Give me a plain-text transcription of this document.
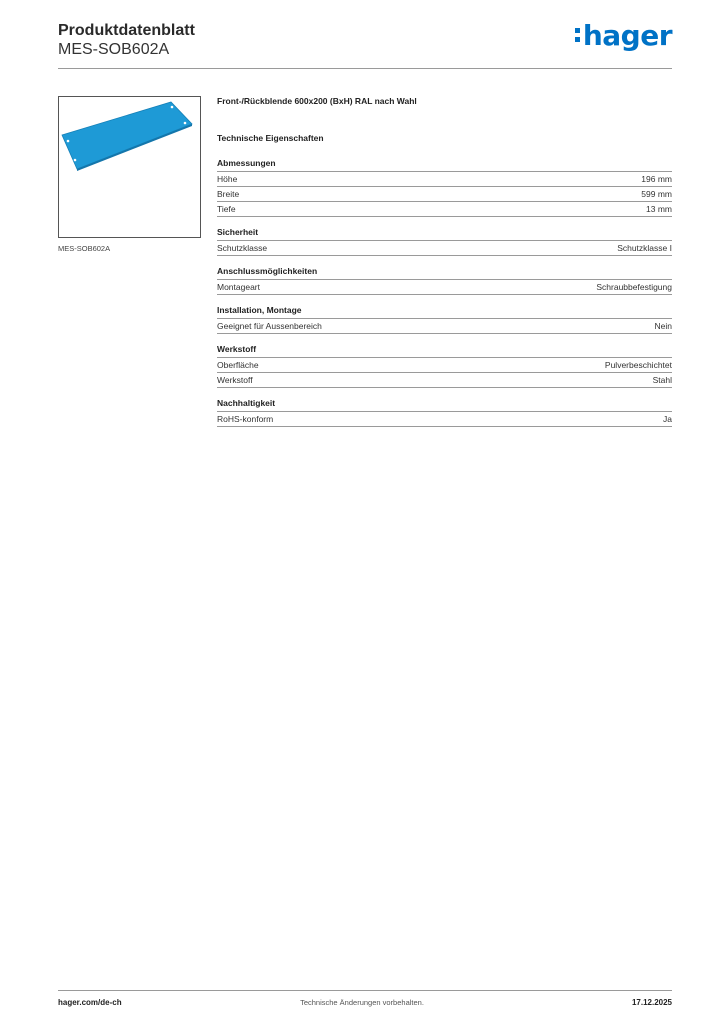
Produktdatenblatt
MES-SOB602A	hager
MES-SOB602A
Front-/Rückblende 600x200 (BxH) RAL nach Wahl
Technische Eigenschaften
Abmessungen
Höhe	196 mm
Breite	599 mm
Tiefe	13 mm
Sicherheit
Schutzklasse	Schutzklasse I
Anschlussmöglichkeiten
Montageart	Schraubbefestigung
Installation, Montage
Geeignet für Aussenbereich	Nein
Werkstoff
Oberfläche	Pulverbeschichtet
Werkstoff	Stahl
Nachhaltigkeit
RoHS-konform	Ja
hager.com/de-ch	Technische Änderungen vorbehalten.	17.12.2025
